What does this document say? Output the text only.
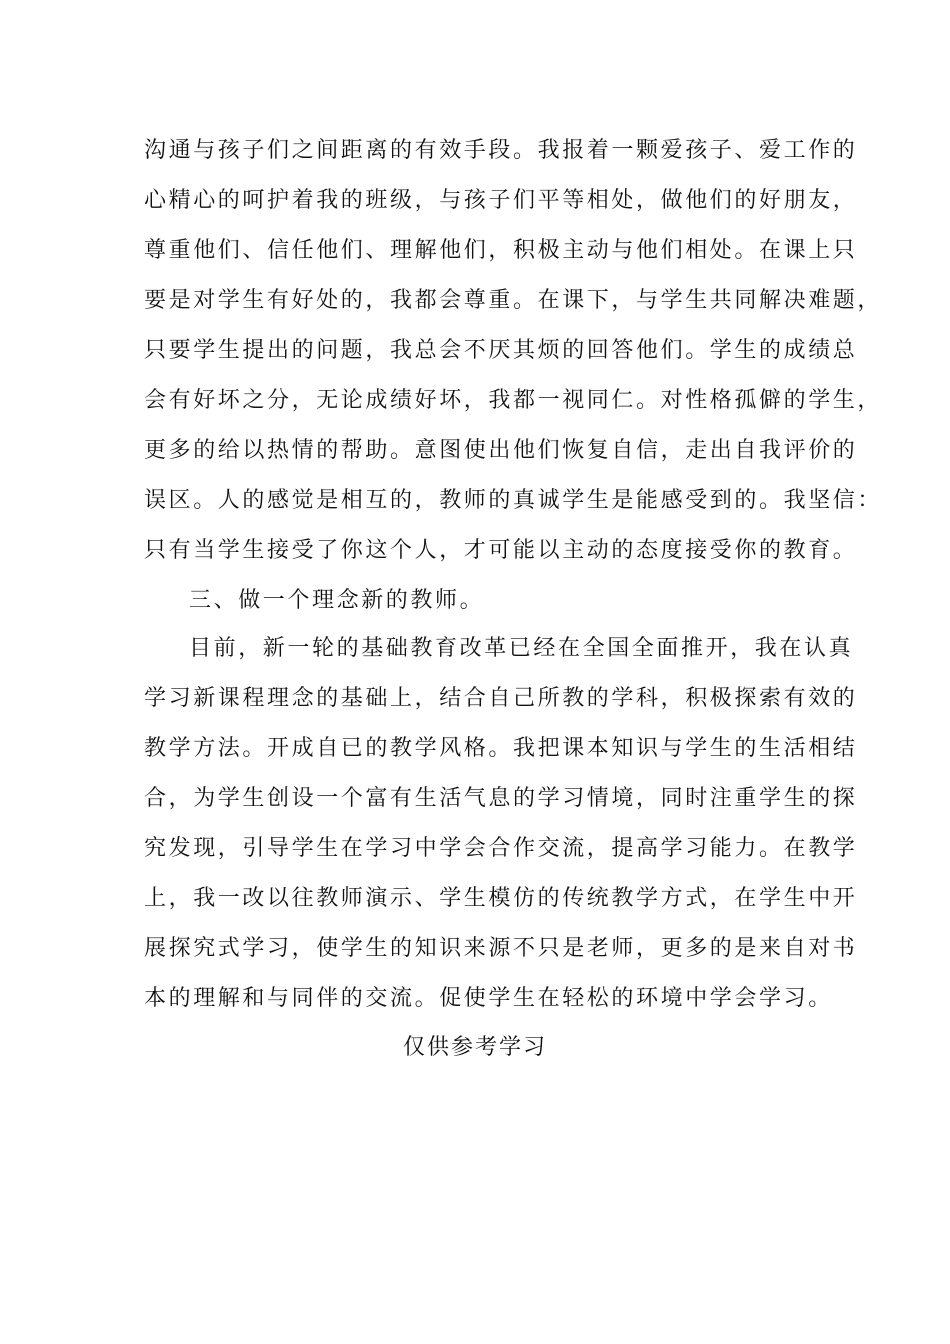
沟通与孩子们之间距离的有效手段。我报着一颗爱孩子、爱工作的
心精心的呵护着我的班级，与孩子们平等相处，做他们的好朋友，
尊重他们、信任他们、理解他们，积极主动与他们相处。在课上只
要是对学生有好处的，我都会尊重。在课下，与学生共同解决难题，
只要学生提出的问题，我总会不厌其烦的回答他们。学生的成绩总
会有好坏之分，无论成绩好坏，我都一视同仁。对性格孤僻的学生，
更多的给以热情的帮助。意图使出他们恢复自信，走出自我评价的
误区。人的感觉是相互的，教师的真诚学生是能感受到的。我坚信：
只有当学生接受了你这个人，才可能以主动的态度接受你的教育。
三、做一个理念新的教师。
目前，新一轮的基础教育改革已经在全国全面推开，我在认真
学习新课程理念的基础上，结合自己所教的学科，积极探索有效的
教学方法。开成自已的教学风格。我把课本知识与学生的生活相结
合，为学生创设一个富有生活气息的学习情境，同时注重学生的探
究发现，引导学生在学习中学会合作交流，提高学习能力。在教学
上，我一改以往教师演示、学生模仿的传统教学方式，在学生中开
展探究式学习，使学生的知识来源不只是老师，更多的是来自对书
本的理解和与同伴的交流。促使学生在轻松的环境中学会学习。
仅供参考学习
